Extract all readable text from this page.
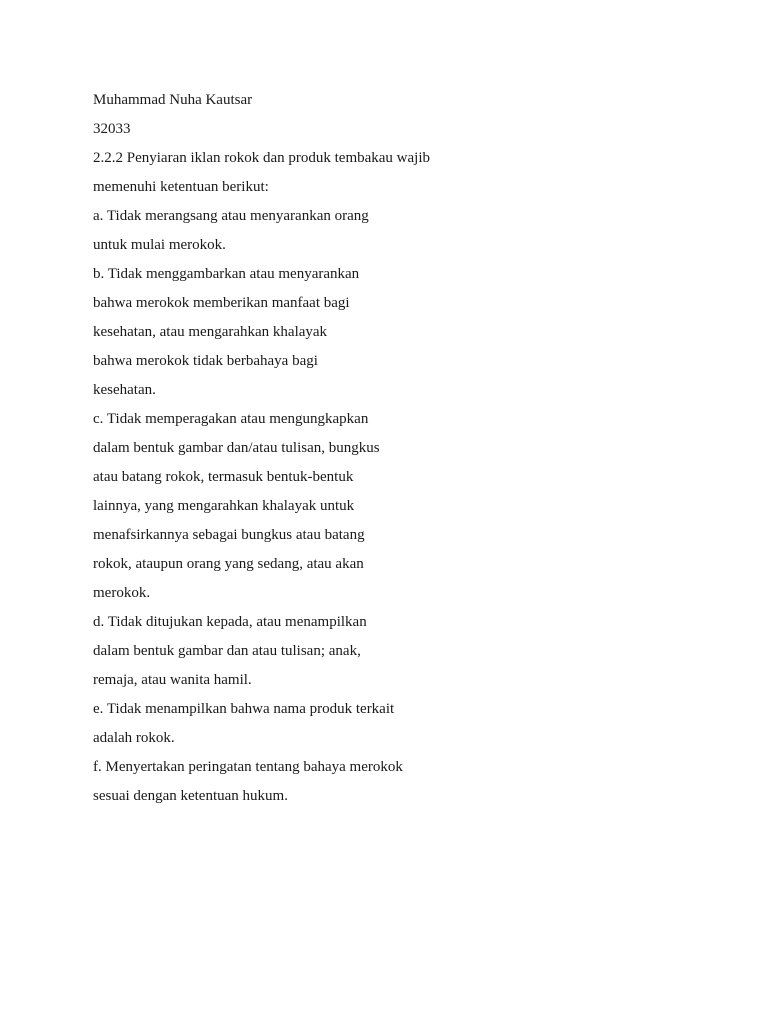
Muhammad Nuha Kautsar
32033
2.2.2 Penyiaran iklan rokok dan produk tembakau wajib
memenuhi ketentuan berikut:
a. Tidak merangsang atau menyarankan orang
untuk mulai merokok.
b. Tidak menggambarkan atau menyarankan
bahwa merokok memberikan manfaat bagi
kesehatan, atau mengarahkan khalayak
bahwa merokok tidak berbahaya bagi
kesehatan.
c. Tidak memperagakan atau mengungkapkan
dalam bentuk gambar dan/atau tulisan, bungkus
atau batang rokok, termasuk bentuk-bentuk
lainnya, yang mengarahkan khalayak untuk
menafsirkannya sebagai bungkus atau batang
rokok, ataupun orang yang sedang, atau akan
merokok.
d. Tidak ditujukan kepada, atau menampilkan
dalam bentuk gambar dan atau tulisan; anak,
remaja, atau wanita hamil.
e. Tidak menampilkan bahwa nama produk terkait
adalah rokok.
f. Menyertakan peringatan tentang bahaya merokok
sesuai dengan ketentuan hukum.
